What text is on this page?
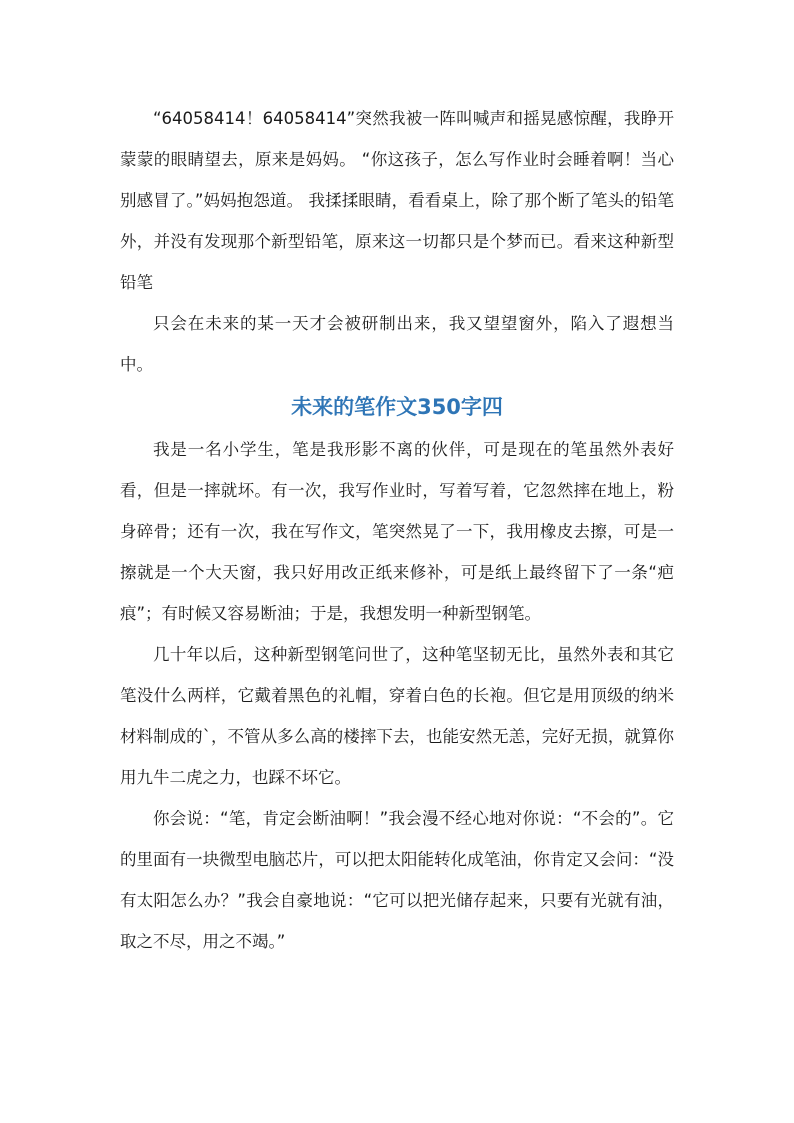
“64058414！64058414”突然我被一阵叫喊声和摇晃感惊醒，我睁开蒙蒙的眼睛望去，原来是妈妈。 “你这孩子，怎么写作业时会睡着啊！当心别感冒了。”妈妈抱怨道。 我揉揉眼睛，看看桌上，除了那个断了笔头的铅笔外，并没有发现那个新型铅笔，原来这一切都只是个梦而已。看来这种新型铅笔

只会在未来的某一天才会被研制出来，我又望望窗外，陷入了遐想当中。

未来的笔作文350字四

我是一名小学生，笔是我形影不离的伙伴，可是现在的笔虽然外表好看，但是一摔就坏。有一次，我写作业时，写着写着，它忽然摔在地上，粉身碎骨；还有一次，我在写作文，笔突然晃了一下，我用橡皮去擦，可是一擦就是一个大天窗，我只好用改正纸来修补，可是纸上最终留下了一条“疤痕”；有时候又容易断油；于是，我想发明一种新型钢笔。

几十年以后，这种新型钢笔问世了，这种笔坚韧无比，虽然外表和其它笔没什么两样，它戴着黑色的礼帽，穿着白色的长袍。但它是用顶级的纳米材料制成的`，不管从多么高的楼摔下去，也能安然无恙，完好无损，就算你用九牛二虎之力，也踩不坏它。

你会说：“笔，肯定会断油啊！”我会漫不经心地对你说：“不会的”。它的里面有一块微型电脑芯片，可以把太阳能转化成笔油，你肯定又会问：“没有太阳怎么办？”我会自豪地说：“它可以把光储存起来，只要有光就有油，取之不尽，用之不竭。”
